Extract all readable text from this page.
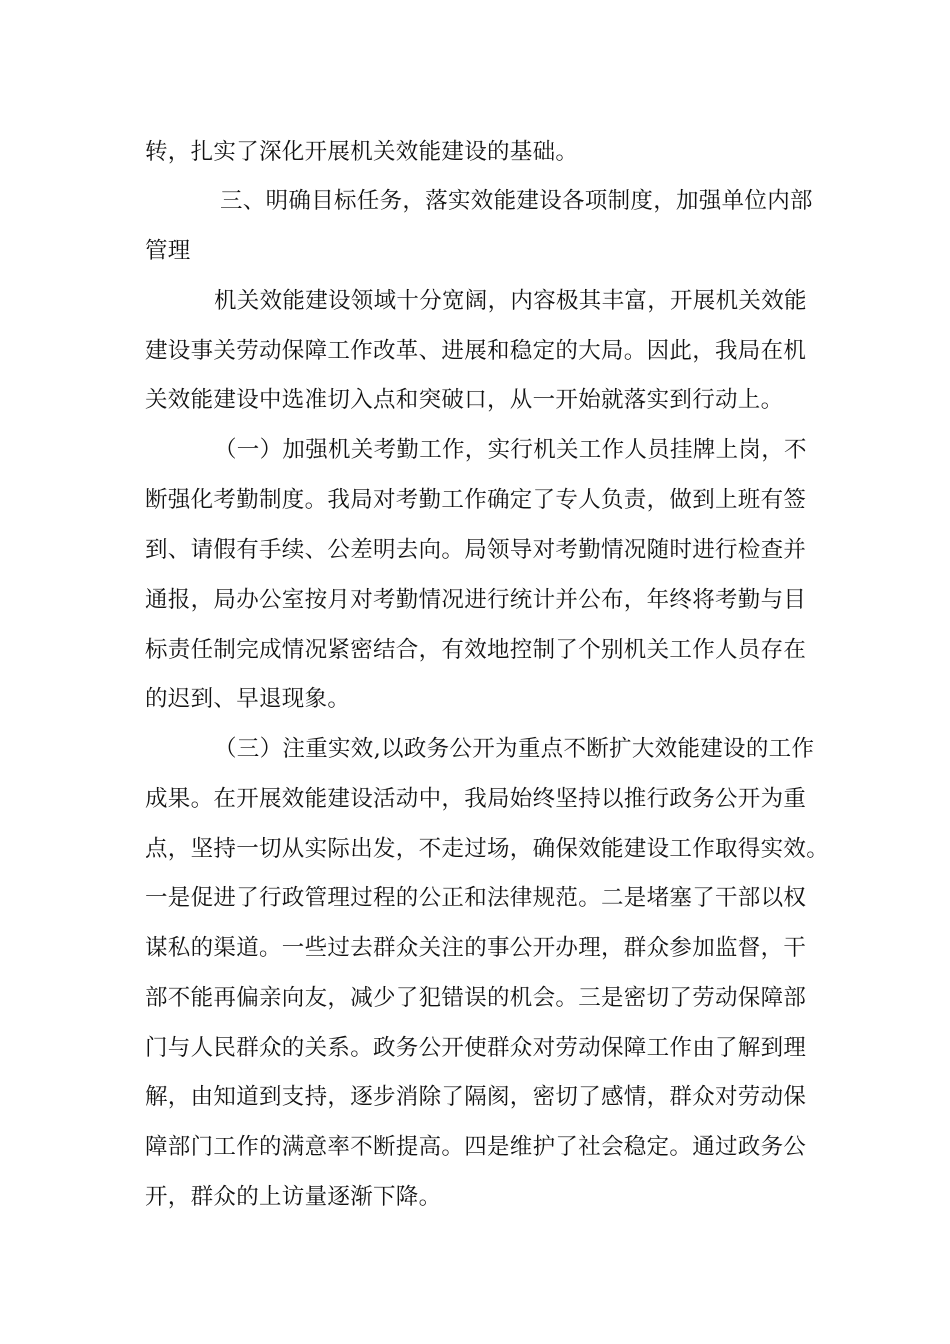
转，扎实了深化开展机关效能建设的基础。
三、明确目标任务，落实效能建设各项制度，加强单位内部
管理
机关效能建设领域十分宽阔，内容极其丰富，开展机关效能
建设事关劳动保障工作改革、进展和稳定的大局。因此，我局在机
关效能建设中选准切入点和突破口，从一开始就落实到行动上。
（一）加强机关考勤工作，实行机关工作人员挂牌上岗，不
断强化考勤制度。我局对考勤工作确定了专人负责，做到上班有签
到、请假有手续、公差明去向。局领导对考勤情况随时进行检查并
通报，局办公室按月对考勤情况进行统计并公布，年终将考勤与目
标责任制完成情况紧密结合，有效地控制了个别机关工作人员存在
的迟到、早退现象。
（三）注重实效,以政务公开为重点不断扩大效能建设的工作
成果。在开展效能建设活动中，我局始终坚持以推行政务公开为重
点，坚持一切从实际出发，不走过场，确保效能建设工作取得实效。
一是促进了行政管理过程的公正和法律规范。二是堵塞了干部以权
谋私的渠道。一些过去群众关注的事公开办理，群众参加监督，干
部不能再偏亲向友，减少了犯错误的机会。三是密切了劳动保障部
门与人民群众的关系。政务公开使群众对劳动保障工作由了解到理
解，由知道到支持，逐步消除了隔阂，密切了感情，群众对劳动保
障部门工作的满意率不断提高。四是维护了社会稳定。通过政务公
开，群众的上访量逐渐下降。
